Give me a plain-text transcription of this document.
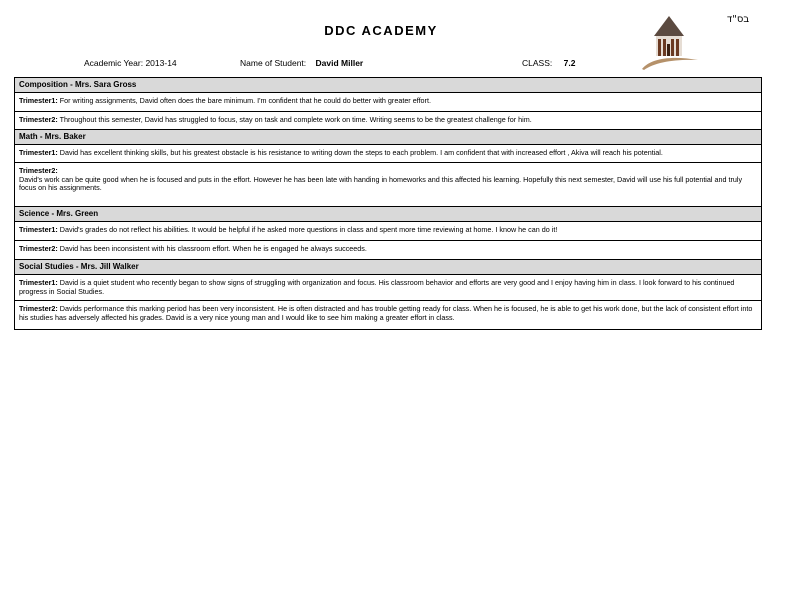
DDC ACADEMY
בס"ד
Academic Year: 2013-14	Name of Student: David Miller	CLASS: 7.2
Composition - Mrs. Sara Gross
Trimester1: For writing assignments, David often does the bare minimum. I'm confident that he could do better with greater effort.
Trimester2: Throughout this semester, David has struggled to focus, stay on task and complete work on time. Writing seems to be the greatest challenge for him.
Math - Mrs. Baker
Trimester1: David has excellent thinking skills, but his greatest obstacle is his resistance to writing down the steps to each problem. I am confident that with increased effort , Akiva will reach his potential.
Trimester2:
David's work can be quite good when he is focused and puts in the effort. However he has been late with handing in homeworks and this affected his learning. Hopefully this next semester, David will use his full potential and truly focus on his assignments.
Science - Mrs. Green
Trimester1: David's grades do not reflect his abilities. It would be helpful if he asked more questions in class and spent more time reviewing at home. I know he can do it!
Trimester2: David has been inconsistent with his classroom effort. When he is engaged he always succeeds.
Social Studies - Mrs. Jill Walker
Trimester1: David is a quiet student who recently began to show signs of struggling with organization and focus. His classroom behavior and efforts are very good and I enjoy having him in class. I look forward to his continued progress in Social Studies.
Trimester2: Davids performance this marking period has been very inconsistent. He is often distracted and has trouble getting ready for class. When he is focused, he is able to get his work done, but the lack of consistent effort into his studies has adversely affected his grades. David is a very nice young man and I would like to see him making a greater effort in class.
